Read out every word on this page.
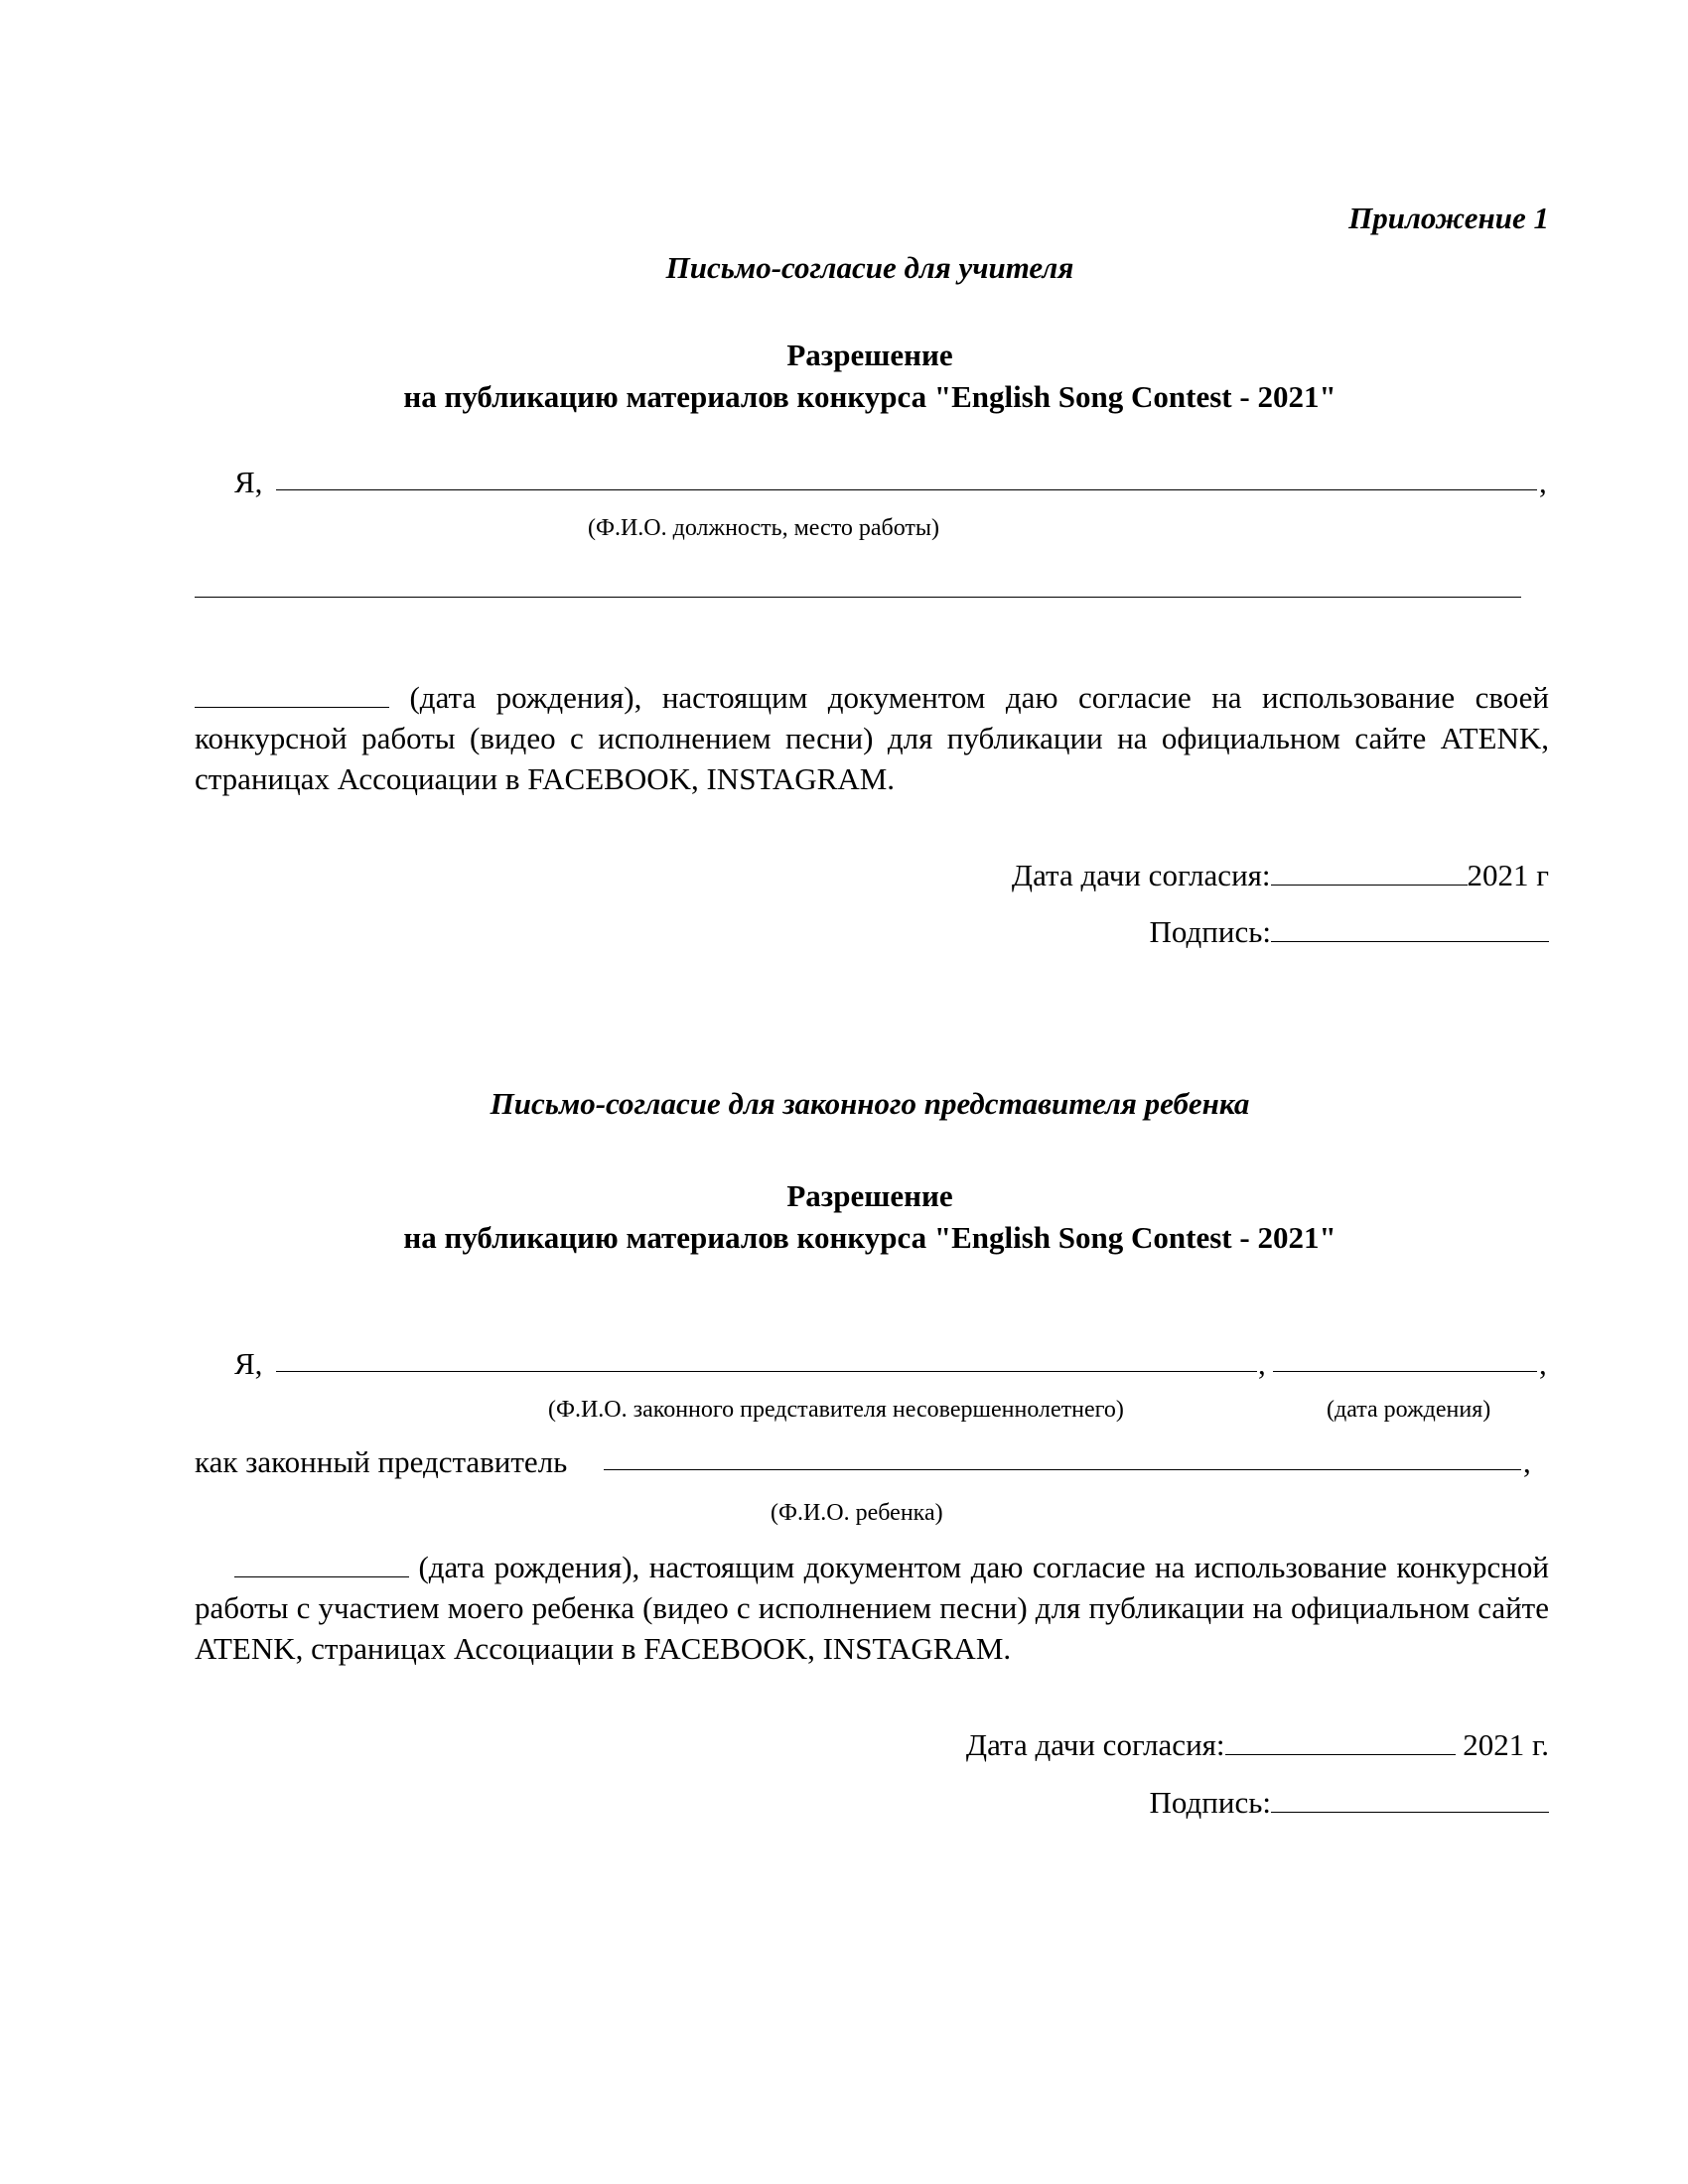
Приложение 1
Письмо-согласие для учителя
Разрешение
на публикацию материалов конкурса "English Song Contest - 2021"
Я,	,
(Ф.И.О. должность, место работы)

(дата рождения), настоящим документом даю согласие на использование своей конкурсной работы (видео с исполнением песни) для публикации на официальном сайте ATENK, страницах Ассоциации в FACEBOOK, INSTAGRAM.

Дата дачи согласия:	2021 г
Подпись:
Письмо-согласие для законного представителя ребенка
Разрешение
на публикацию материалов конкурса "English Song Contest - 2021"
Я,	,	,
(Ф.И.О. законного представителя несовершеннолетнего)	(дата рождения)
как законный представитель	,
(Ф.И.О. ребенка)

(дата рождения), настоящим документом даю согласие на использование конкурсной работы с участием моего ребенка (видео с исполнением песни) для публикации на официальном сайте ATENK, страницах Ассоциации в FACEBOOK, INSTAGRAM.

Дата дачи согласия:	2021 г.
Подпись:
